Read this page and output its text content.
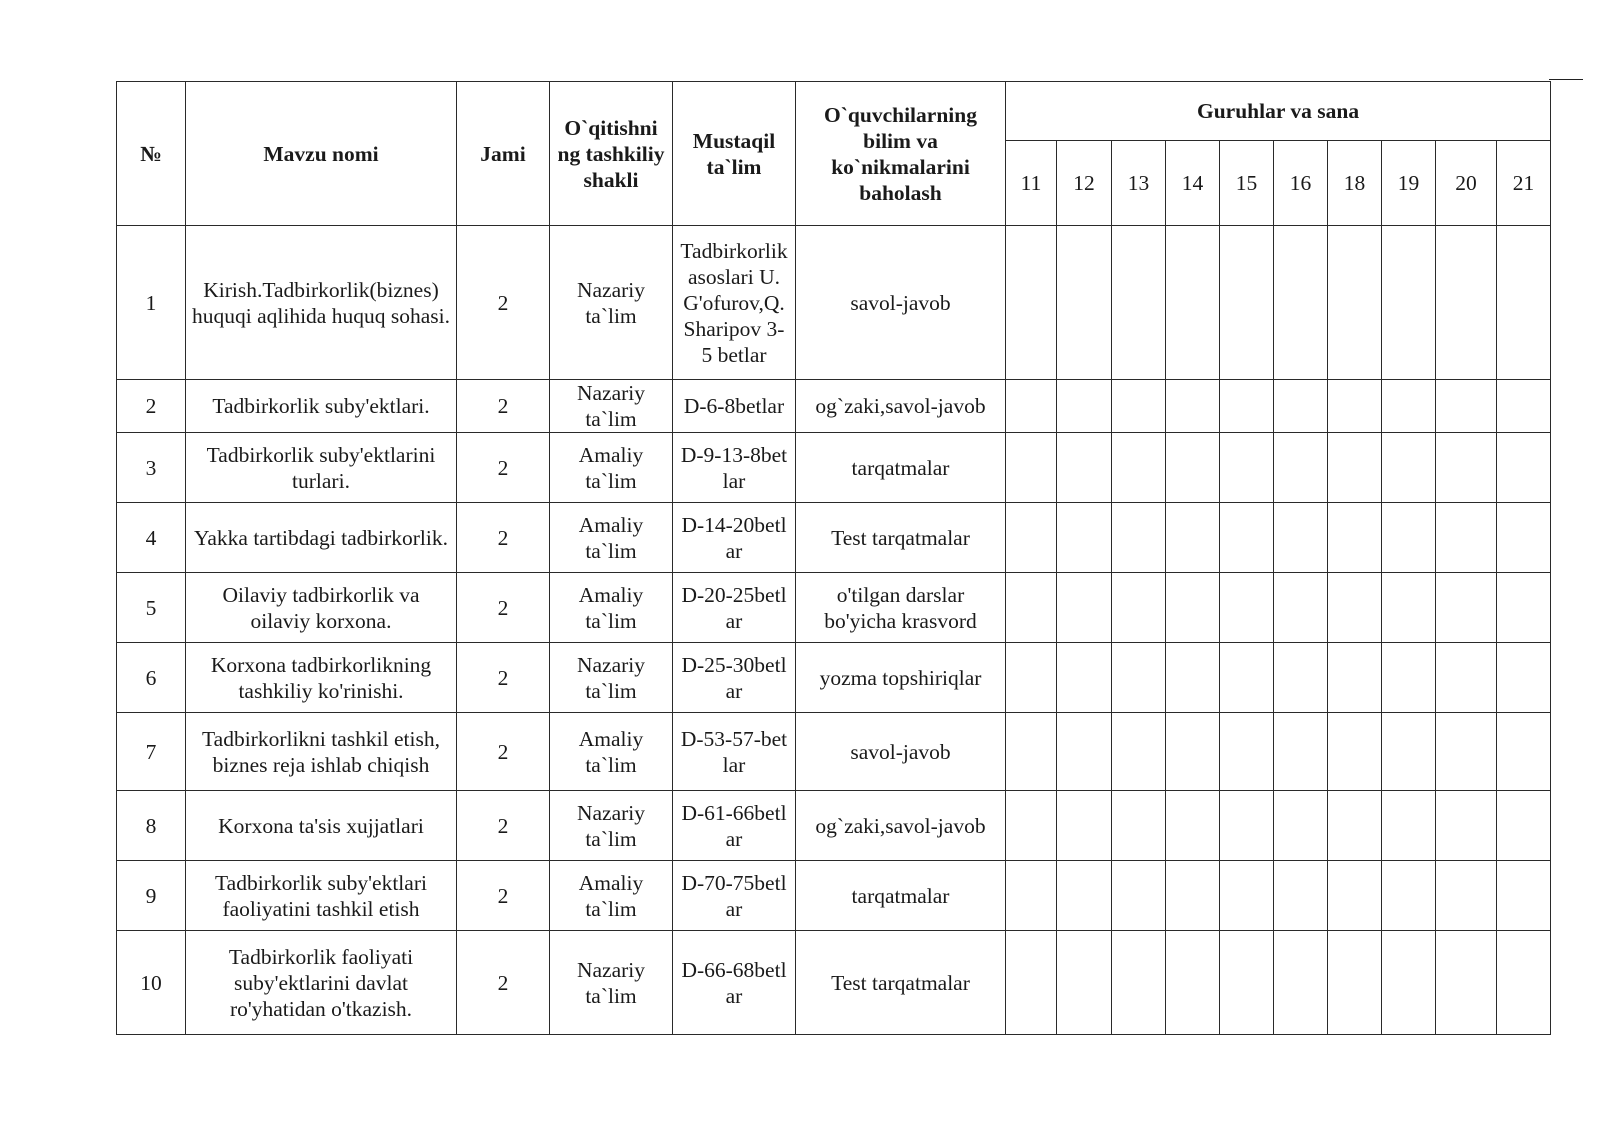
№	Mavzu nomi	Jami	O`qitishni ng tashkiliy shakli	Mustaqil ta`lim	O`quvchilarning bilim va ko`nikmalarini baholash	Guruhlar va sana									
						11	12	13	14	15	16	18	19	20	21
1	Kirish.Tadbirkorlik(biznes) huquqi aqlihida huquq sohasi.	2	Nazariy ta`lim	Tadbirkorlik asoslari U.G'ofurov,Q.Sharipov 3-5 betlar	savol-javob										
2	Tadbirkorlik suby'ektlari.	2	Nazariy ta`lim	D-6-8betlar	og`zaki,savol-javob										
3	Tadbirkorlik suby'ektlarini turlari.	2	Amaliy ta`lim	D-9-13-8betlar	tarqatmalar										
4	Yakka tartibdagi tadbirkorlik.	2	Amaliy ta`lim	D-14-20betlar	Test tarqatmalar										
5	Oilaviy tadbirkorlik va oilaviy korxona.	2	Amaliy ta`lim	D-20-25betlar	o'tilgan darslar bo'yicha krasvord										
6	Korxona tadbirkorlikning tashkiliy ko'rinishi.	2	Nazariy ta`lim	D-25-30betlar	yozma topshiriqlar										
7	Tadbirkorlikni tashkil etish, biznes reja ishlab chiqish	2	Amaliy ta`lim	D-53-57-betlar	savol-javob										
8	Korxona ta'sis xujjatlari	2	Nazariy ta`lim	D-61-66betlar	og`zaki,savol-javob										
9	Tadbirkorlik suby'ektlari faoliyatini tashkil etish	2	Amaliy ta`lim	D-70-75betlar	tarqatmalar										
10	Tadbirkorlik faoliyati suby'ektlarini davlat ro'yhatidan o'tkazish.	2	Nazariy ta`lim	D-66-68betlar	Test tarqatmalar										
